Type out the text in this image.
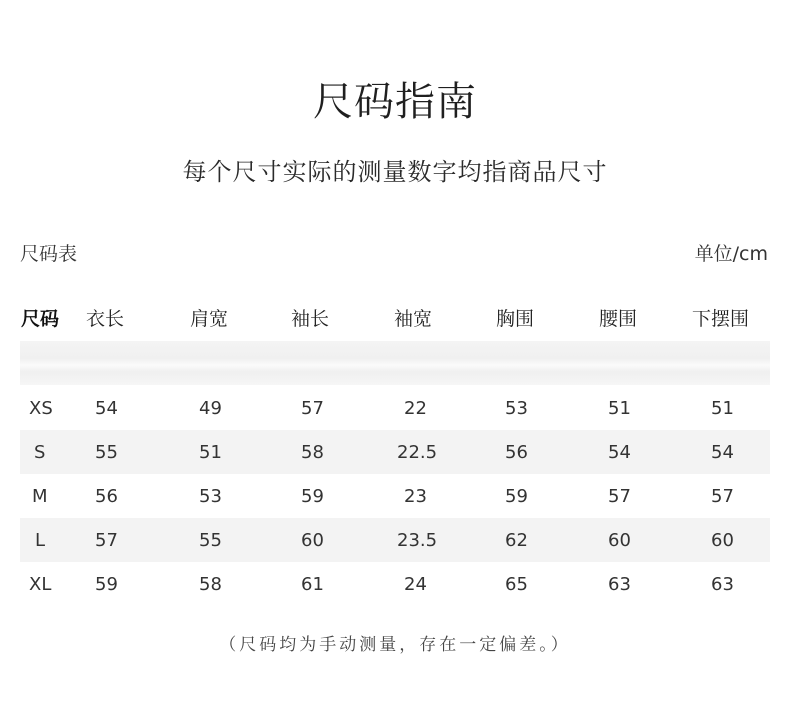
尺码指南
每个尺寸实际的测量数字均指商品尺寸
尺码表	单位/cm
尺码 衣长	肩宽	袖长	袖宽	胸围	腰围	下摆围
XS 54	49	57	22	53	51	51
S	55	51	58	22.5	56	54	54
M	56	53	59	23	59	57	57
L	57	55	60	23.5	62	60	60
XL 59	58	61	24	65	63	63
（尺码均为手动测量，存在一定偏差。）
